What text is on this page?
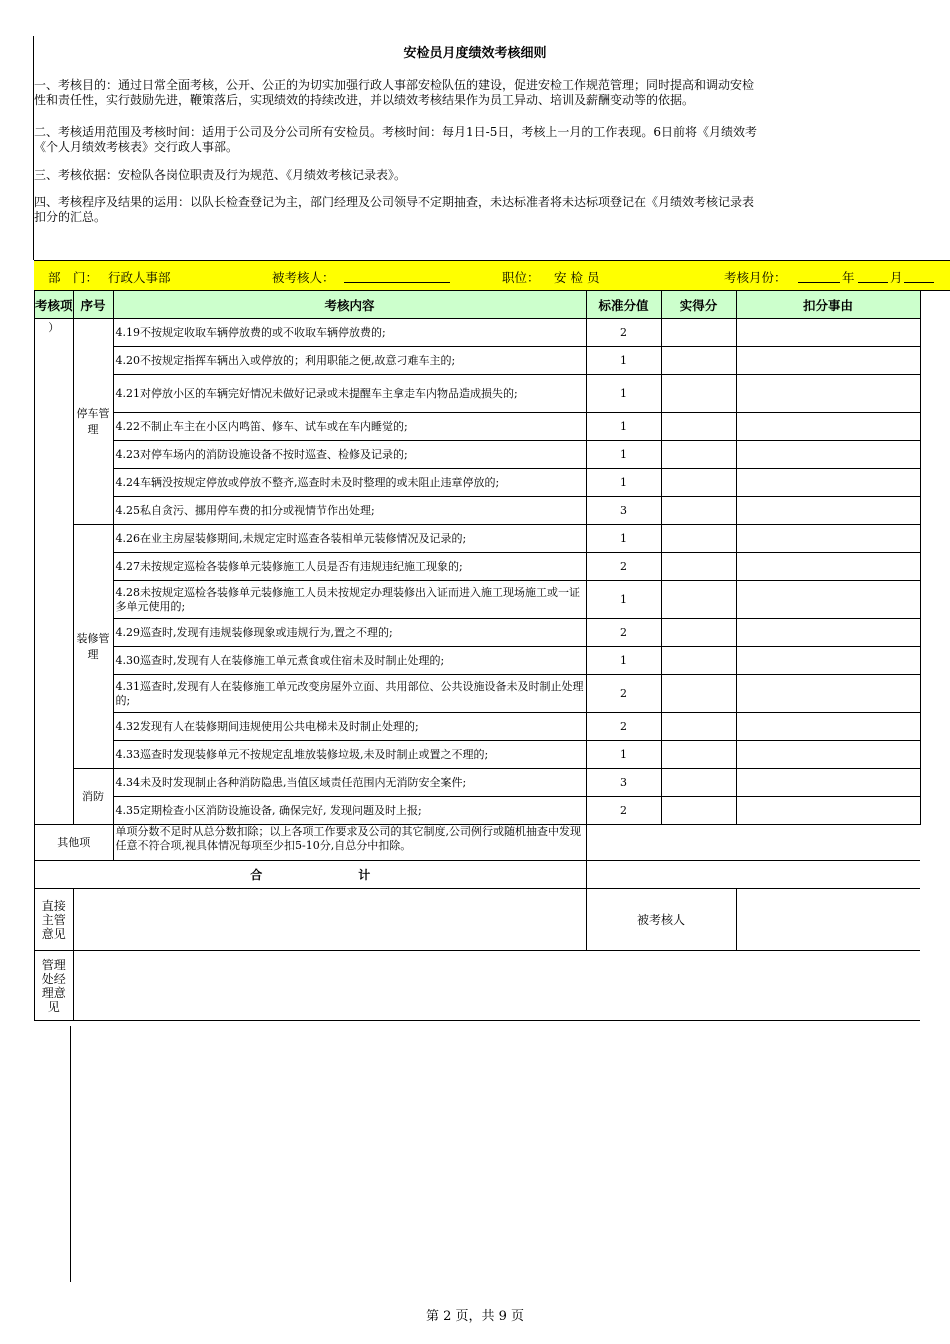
安检员月度绩效考核细则
一、考核目的：通过日常全面考核，公开、公正的为切实加强行政人事部安检队伍的建设，促进安检工作规范管理；同时提高和调动安检
性和责任性，实行鼓励先进，鞭策落后，实现绩效的持续改进，并以绩效考核结果作为员工异动、培训及薪酬变动等的依据。
二、考核适用范围及考核时间：适用于公司及分公司所有安检员。考核时间：每月1日-5日，考核上一月的工作表现。6日前将《月绩效考
《个人月绩效考核表》交行政人事部。
三、考核依据：安检队各岗位职责及行为规范、《月绩效考核记录表》。
四、考核程序及结果的运用：以队长检查登记为主，部门经理及公司领导不定期抽查，未达标准者将未达标项登记在《月绩效考核记录表
扣分的汇总。
部　门： 行政人事部	被考核人：	职位： 安 检 员	考核月份：	年	月
考核项	序号	考核内容	标准分值	实得分	扣分事由
）	停车管理	4.19不按规定收取车辆停放费的或不收取车辆停放费的;	2		
		4.20不按规定指挥车辆出入或停放的；利用职能之便,故意刁难车主的;	1		
		4.21对停放小区的车辆完好情况未做好记录或未提醒车主拿走车内物品造成损失的;	1		
		4.22不制止车主在小区内鸣笛、修车、试车或在车内睡觉的;	1		
		4.23对停车场内的消防设施设备不按时巡查、检修及记录的;	1		
		4.24车辆没按规定停放或停放不整齐,巡查时未及时整理的或未阻止违章停放的;	1		
		4.25私自贪污、挪用停车费的扣分或视情节作出处理;	3		
	装修管理	4.26在业主房屋装修期间,未规定定时巡查各装相单元装修情况及记录的;	1		
		4.27未按规定巡检各装修单元装修施工人员是否有违规违纪施工现象的;	2		
		4.28未按规定巡检各装修单元装修施工人员未按规定办理装修出入证而进入施工现场施工或一证多单元使用的;	1		
		4.29巡查时,发现有违规装修现象或违规行为,置之不理的;	2		
		4.30巡查时,发现有人在装修施工单元煮食或住宿未及时制止处理的;	1		
		4.31巡查时,发现有人在装修施工单元改变房屋外立面、共用部位、公共设施设备未及时制止处理的;	2		
		4.32发现有人在装修期间违规使用公共电梯未及时制止处理的;	2		
		4.33巡查时发现装修单元不按规定乱堆放装修垃圾,未及时制止或置之不理的;	1		
	消防	4.34未及时发现制止各种消防隐患,当值区域责任范围内无消防安全案件;	3		
		4.35定期检查小区消防设施设备, 确保完好, 发现问题及时上报;	2		
其他项		单项分数不足时从总分数扣除；以上各项工作要求及公司的其它制度,公司例行或随机抽查中发现任意不符合项,视具体情况每项至少扣5-10分,自总分中扣除。			
合　　　　　　　　计					
直接主管意见			被考核人		
管理处经理意见					
第 2 页，共 9 页
